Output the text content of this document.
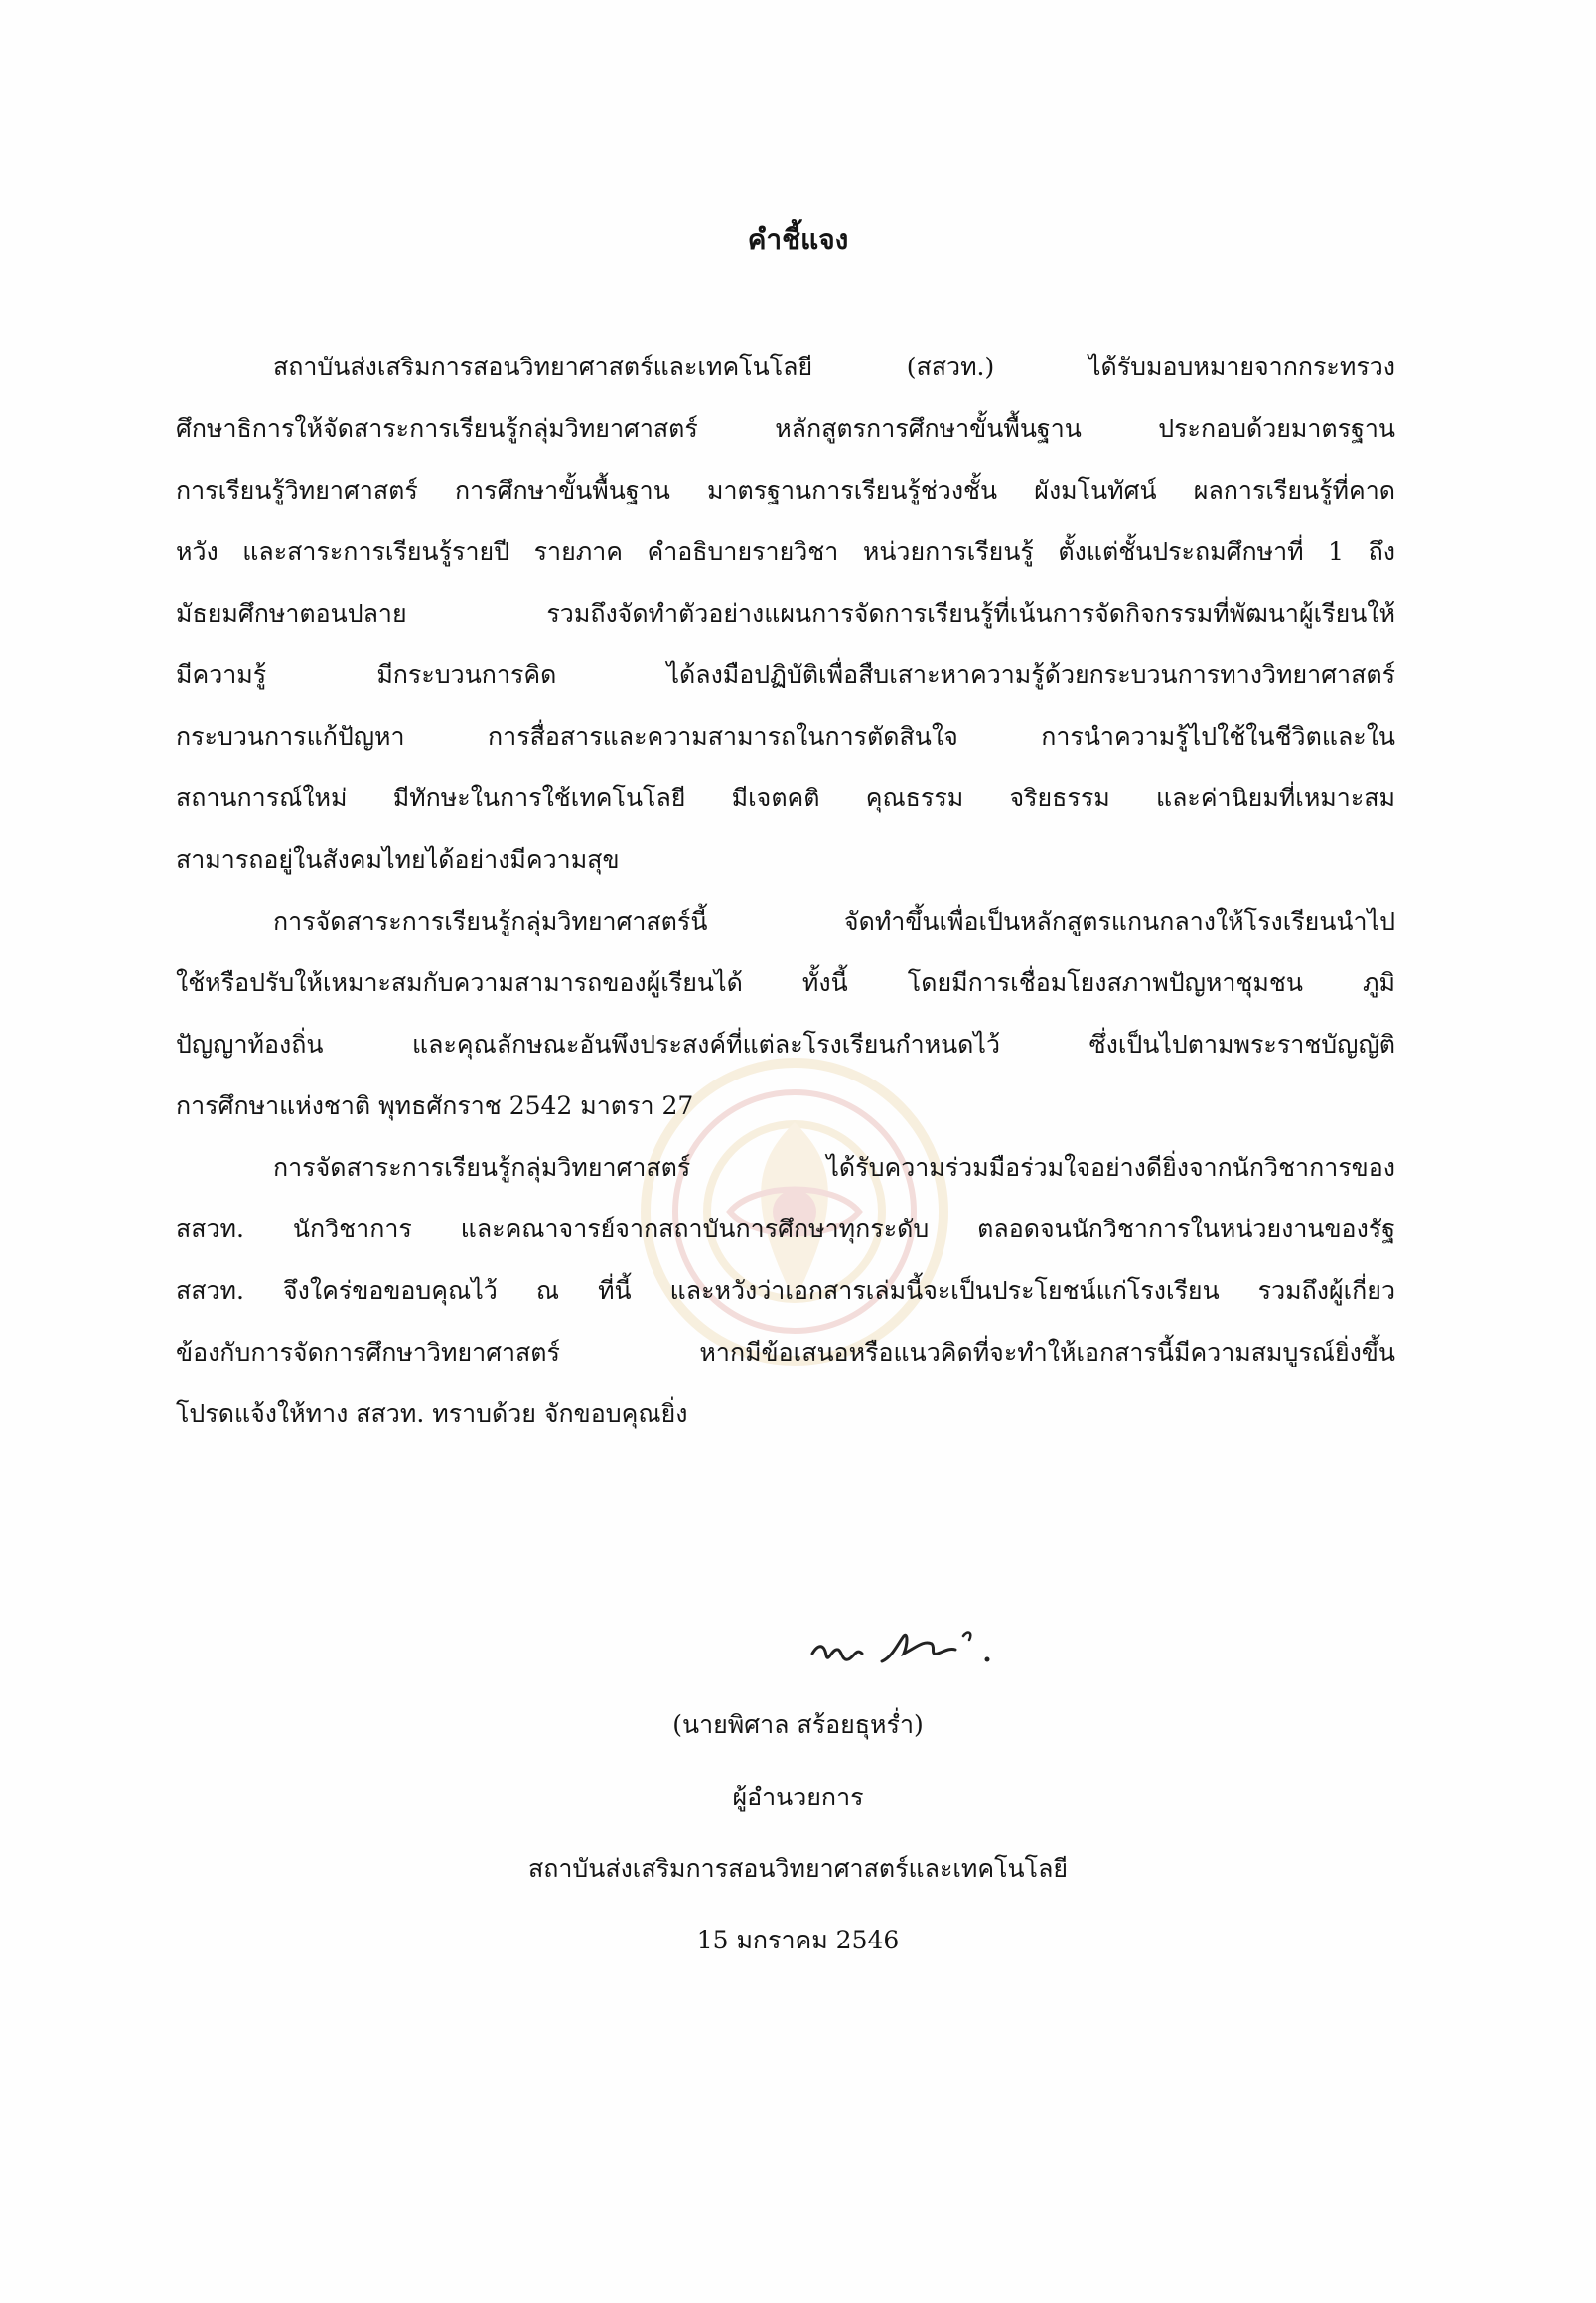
คำชี้แจง
สถาบันส่งเสริมการสอนวิทยาศาสตร์และเทคโนโลยี (สสวท.) ได้รับมอบหมายจากกระทรวง
ศึกษาธิการให้จัดสาระการเรียนรู้กลุ่มวิทยาศาสตร์ หลักสูตรการศึกษาขั้นพื้นฐาน ประกอบด้วยมาตรฐาน
การเรียนรู้วิทยาศาสตร์ การศึกษาขั้นพื้นฐาน มาตรฐานการเรียนรู้ช่วงชั้น ผังมโนทัศน์ ผลการเรียนรู้ที่คาด
หวัง และสาระการเรียนรู้รายปี รายภาค คำอธิบายรายวิชา หน่วยการเรียนรู้ ตั้งแต่ชั้นประถมศึกษาที่ 1 ถึง
มัธยมศึกษาตอนปลาย รวมถึงจัดทำตัวอย่างแผนการจัดการเรียนรู้ที่เน้นการจัดกิจกรรมที่พัฒนาผู้เรียนให้
มีความรู้ มีกระบวนการคิด ได้ลงมือปฏิบัติเพื่อสืบเสาะหาความรู้ด้วยกระบวนการทางวิทยาศาสตร์
กระบวนการแก้ปัญหา การสื่อสารและความสามารถในการตัดสินใจ การนำความรู้ไปใช้ในชีวิตและใน
สถานการณ์ใหม่ มีทักษะในการใช้เทคโนโลยี มีเจตคติ คุณธรรม จริยธรรม และค่านิยมที่เหมาะสม
สามารถอยู่ในสังคมไทยได้อย่างมีความสุข
การจัดสาระการเรียนรู้กลุ่มวิทยาศาสตร์นี้ จัดทำขึ้นเพื่อเป็นหลักสูตรแกนกลางให้โรงเรียนนำไป
ใช้หรือปรับให้เหมาะสมกับความสามารถของผู้เรียนได้ ทั้งนี้ โดยมีการเชื่อมโยงสภาพปัญหาชุมชน ภูมิ
ปัญญาท้องถิ่น และคุณลักษณะอันพึงประสงค์ที่แต่ละโรงเรียนกำหนดไว้ ซึ่งเป็นไปตามพระราชบัญญัติ
การศึกษาแห่งชาติ พุทธศักราช 2542 มาตรา 27
การจัดสาระการเรียนรู้กลุ่มวิทยาศาสตร์ ได้รับความร่วมมือร่วมใจอย่างดียิ่งจากนักวิชาการของ
สสวท. นักวิชาการ และคณาจารย์จากสถาบันการศึกษาทุกระดับ ตลอดจนนักวิชาการในหน่วยงานของรัฐ
สสวท. จึงใคร่ขอขอบคุณไว้ ณ ที่นี้ และหวังว่าเอกสารเล่มนี้จะเป็นประโยชน์แก่โรงเรียน รวมถึงผู้เกี่ยว
ข้องกับการจัดการศึกษาวิทยาศาสตร์ หากมีข้อเสนอหรือแนวคิดที่จะทำให้เอกสารนี้มีความสมบูรณ์ยิ่งขึ้น
โปรดแจ้งให้ทาง สสวท. ทราบด้วย จักขอบคุณยิ่ง
(นายพิศาล สร้อยธุหร่ำ)
ผู้อำนวยการ
สถาบันส่งเสริมการสอนวิทยาศาสตร์และเทคโนโลยี
15 มกราคม 2546
